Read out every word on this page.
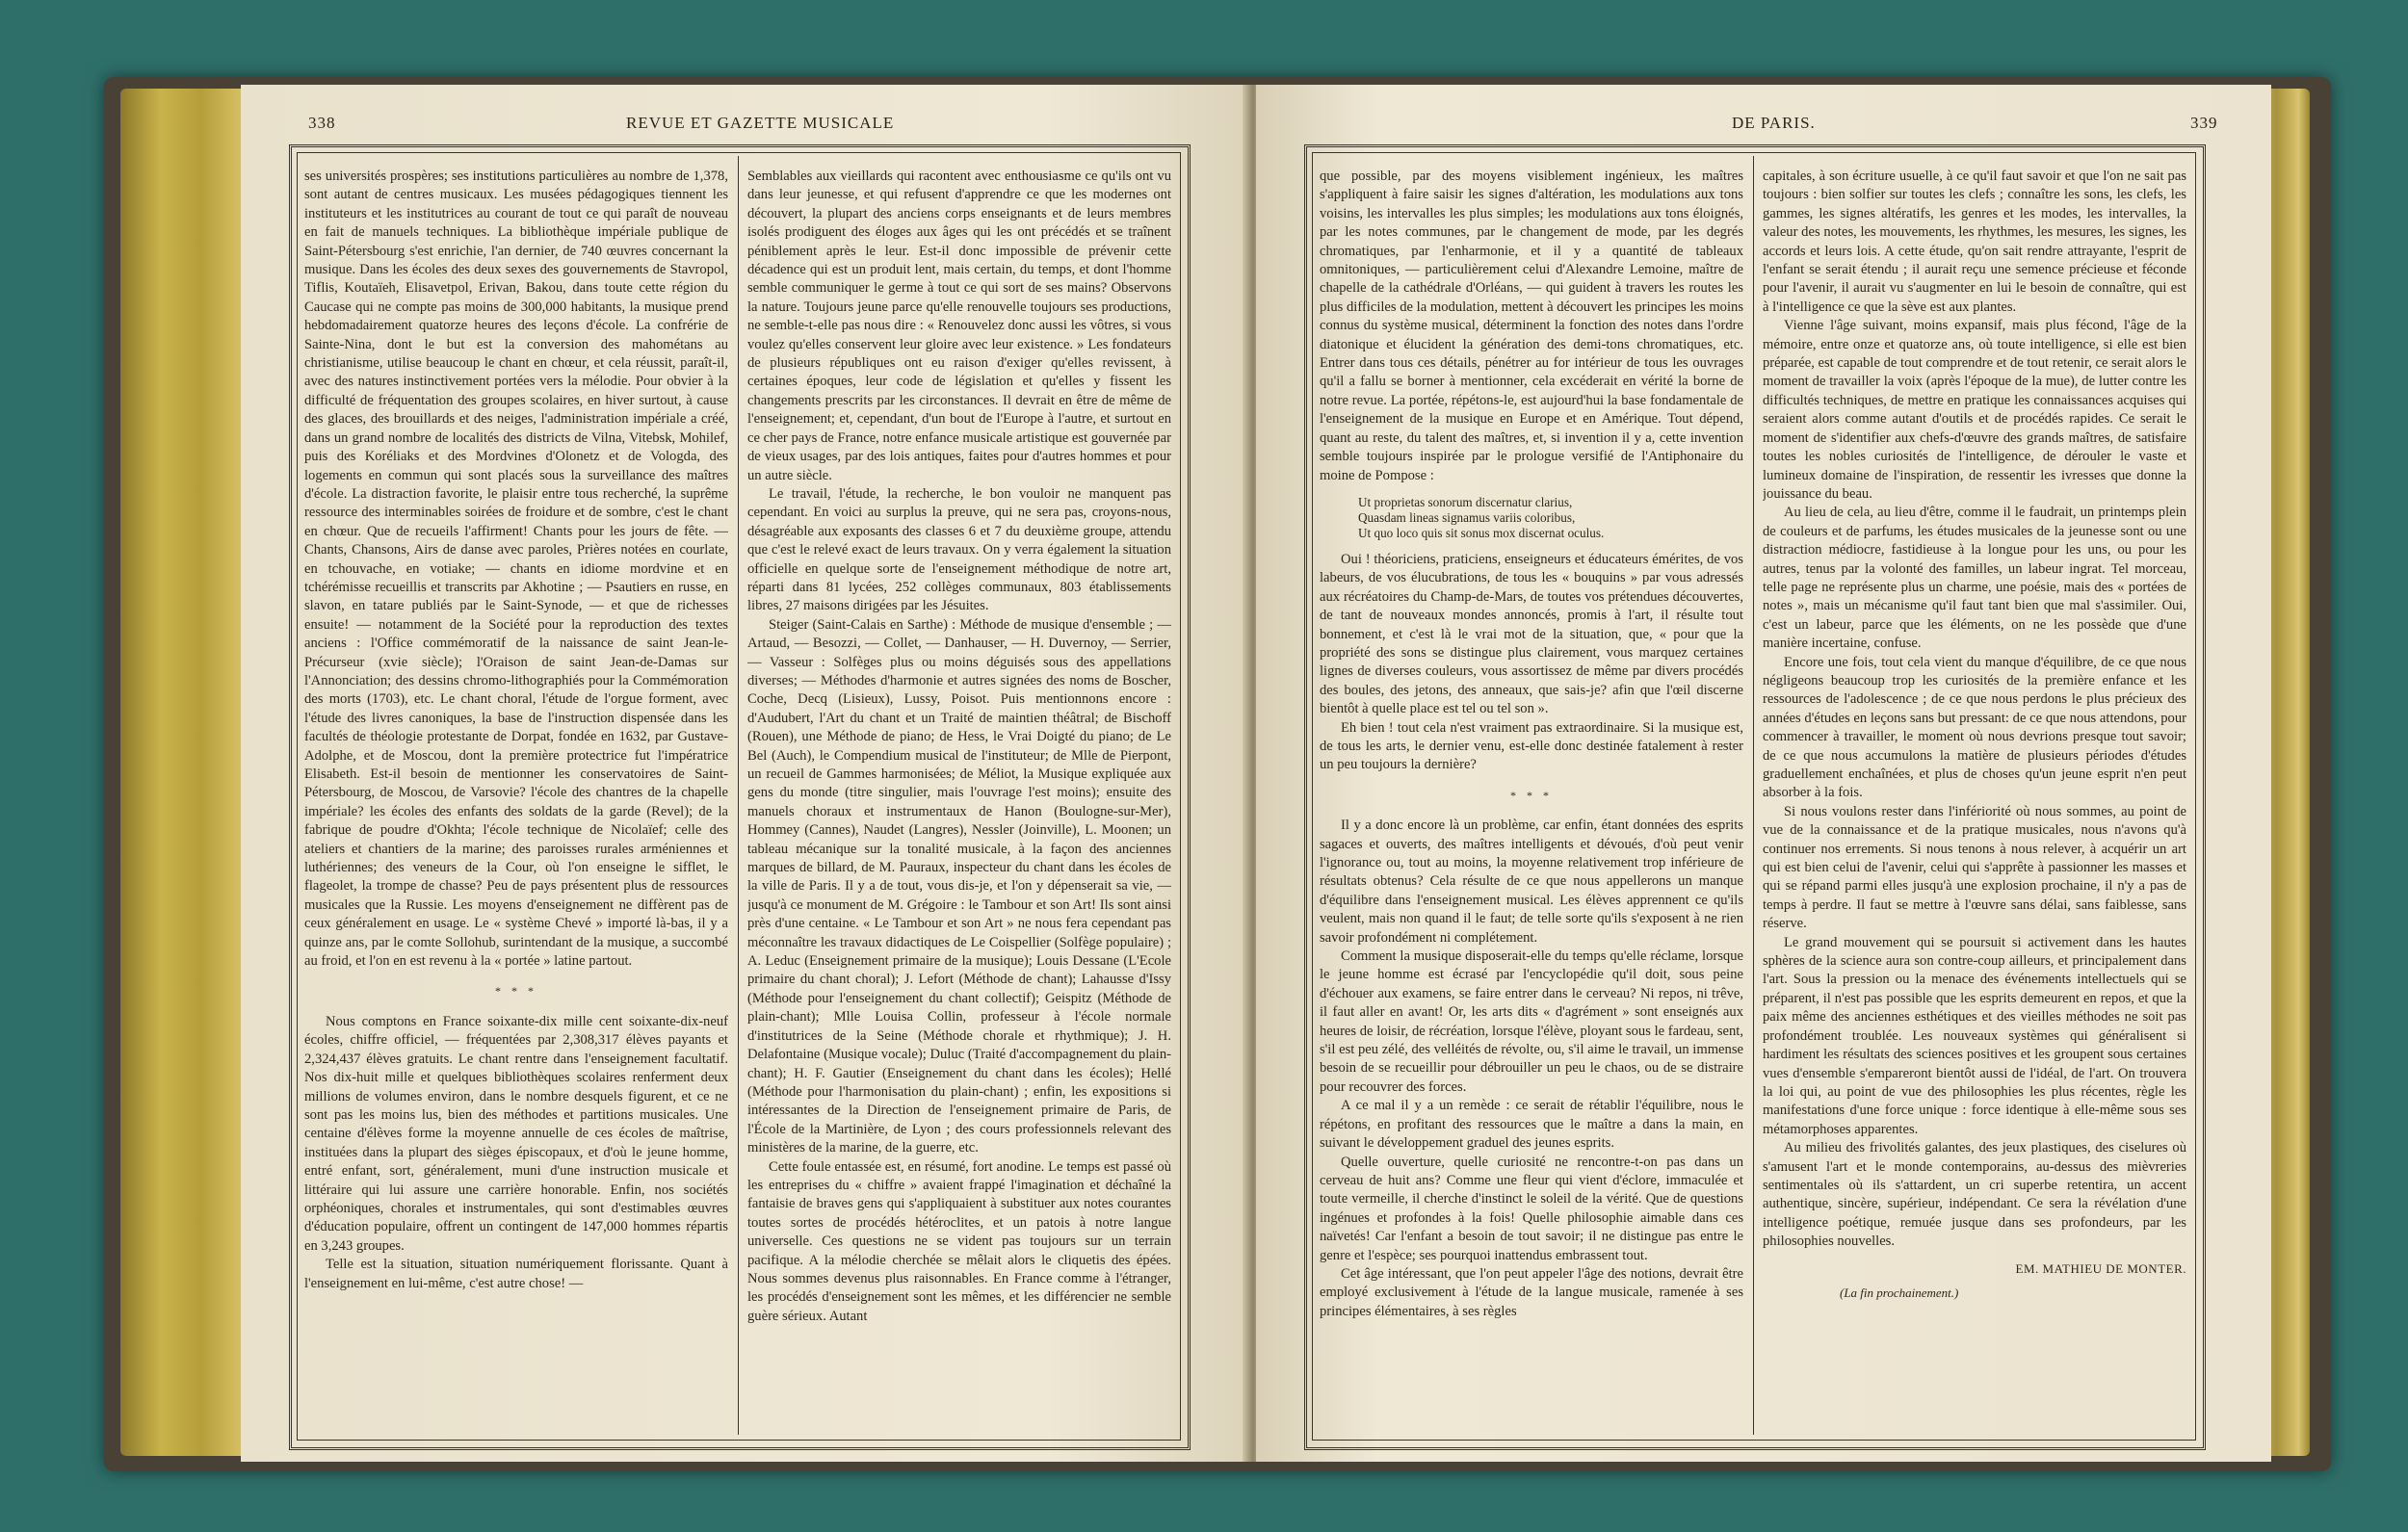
338	REVUE ET GAZETTE MUSICALE

ses universités prospères; ses institutions particulières au nombre de 1,378, sont autant de centres musicaux. Les musées pédagogiques tiennent les instituteurs et les institutrices au courant de tout ce qui paraît de nouveau en fait de manuels techniques. La bibliothèque impériale publique de Saint-Pétersbourg s'est enrichie, l'an dernier, de 740 œuvres concernant la musique. Dans les écoles des deux sexes des gouvernements de Stavropol, Tiflis, Koutaïeh, Elisavetpol, Erivan, Bakou, dans toute cette région du Caucase qui ne compte pas moins de 300,000 habitants, la musique prend hebdomadairement quatorze heures des leçons d'école. La confrérie de Sainte-Nina, dont le but est la conversion des mahométans au christianisme, utilise beaucoup le chant en chœur, et cela réussit, paraît-il, avec des natures instinctivement portées vers la mélodie. Pour obvier à la difficulté de fréquentation des groupes scolaires, en hiver surtout, à cause des glaces, des brouillards et des neiges, l'administration impériale a créé, dans un grand nombre de localités des districts de Vilna, Vitebsk, Mohilef, puis des Koréliaks et des Mordvines d'Olonetz et de Vologda, des logements en commun qui sont placés sous la surveillance des maîtres d'école. La distraction favorite, le plaisir entre tous recherché, la suprême ressource des interminables soirées de froidure et de sombre, c'est le chant en chœur. Que de recueils l'affirment! Chants pour les jours de fête. — Chants, Chansons, Airs de danse avec paroles, Prières notées en courlate, en tchouvache, en votiake; — chants en idiome mordvine et en tchérémisse recueillis et transcrits par Akhotine ; — Psautiers en russe, en slavon, en tatare publiés par le Saint-Synode, — et que de richesses ensuite! — notamment de la Société pour la reproduction des textes anciens : l'Office commémoratif de la naissance de saint Jean-le-Précurseur (xvie siècle); l'Oraison de saint Jean-de-Damas sur l'Annonciation; des dessins chromo-lithographiés pour la Commémoration des morts (1703), etc. Le chant choral, l'étude de l'orgue forment, avec l'étude des livres canoniques, la base de l'instruction dispensée dans les facultés de théologie protestante de Dorpat, fondée en 1632, par Gustave-Adolphe, et de Moscou, dont la première protectrice fut l'impératrice Elisabeth. Est-il besoin de mentionner les conservatoires de Saint-Pétersbourg, de Moscou, de Varsovie? l'école des chantres de la chapelle impériale? les écoles des enfants des soldats de la garde (Revel); de la fabrique de poudre d'Okhta; l'école technique de Nicolaïef; celle des ateliers et chantiers de la marine; des paroisses rurales arméniennes et luthériennes; des veneurs de la Cour, où l'on enseigne le sifflet, le flageolet, la trompe de chasse? Peu de pays présentent plus de ressources musicales que la Russie. Les moyens d'enseignement ne diffèrent pas de ceux généralement en usage. Le « système Chevé » importé là-bas, il y a quinze ans, par le comte Sollohub, surintendant de la musique, a succombé au froid, et l'on en est revenu à la « portée » latine partout.

* * *

Nous comptons en France soixante-dix mille cent soixante-dix-neuf écoles, chiffre officiel, — fréquentées par 2,308,317 élèves payants et 2,324,437 élèves gratuits. Le chant rentre dans l'enseignement facultatif. Nos dix-huit mille et quelques bibliothèques scolaires renferment deux millions de volumes environ, dans le nombre desquels figurent, et ce ne sont pas les moins lus, bien des méthodes et partitions musicales. Une centaine d'élèves forme la moyenne annuelle de ces écoles de maîtrise, instituées dans la plupart des sièges épiscopaux, et d'où le jeune homme, entré enfant, sort, généralement, muni d'une instruction musicale et littéraire qui lui assure une carrière honorable. Enfin, nos sociétés orphéoniques, chorales et instrumentales, qui sont d'estimables œuvres d'éducation populaire, offrent un contingent de 147,000 hommes répartis en 3,243 groupes.

Telle est la situation, situation numériquement florissante. Quant à l'enseignement en lui-même, c'est autre chose! —

Semblables aux vieillards qui racontent avec enthousiasme ce qu'ils ont vu dans leur jeunesse, et qui refusent d'apprendre ce que les modernes ont découvert, la plupart des anciens corps enseignants et de leurs membres isolés prodiguent des éloges aux âges qui les ont précédés et se traînent péniblement après le leur. Est-il donc impossible de prévenir cette décadence qui est un produit lent, mais certain, du temps, et dont l'homme semble communiquer le germe à tout ce qui sort de ses mains? Observons la nature. Toujours jeune parce qu'elle renouvelle toujours ses productions, ne semble-t-elle pas nous dire : « Renouvelez donc aussi les vôtres, si vous voulez qu'elles conservent leur gloire avec leur existence. » Les fondateurs de plusieurs républiques ont eu raison d'exiger qu'elles revissent, à certaines époques, leur code de législation et qu'elles y fissent les changements prescrits par les circonstances. Il devrait en être de même de l'enseignement; et, cependant, d'un bout de l'Europe à l'autre, et surtout en ce cher pays de France, notre enfance musicale artistique est gouvernée par de vieux usages, par des lois antiques, faites pour d'autres hommes et pour un autre siècle.

Le travail, l'étude, la recherche, le bon vouloir ne manquent pas cependant. En voici au surplus la preuve, qui ne sera pas, croyons-nous, désagréable aux exposants des classes 6 et 7 du deuxième groupe, attendu que c'est le relevé exact de leurs travaux. On y verra également la situation officielle en quelque sorte de l'enseignement méthodique de notre art, réparti dans 81 lycées, 252 collèges communaux, 803 établissements libres, 27 maisons dirigées par les Jésuites.

Steiger (Saint-Calais en Sarthe) : Méthode de musique d'ensemble ; — Artaud, — Besozzi, — Collet, — Danhauser, — H. Duvernoy, — Serrier, — Vasseur : Solfèges plus ou moins déguisés sous des appellations diverses; — Méthodes d'harmonie et autres signées des noms de Boscher, Coche, Decq (Lisieux), Lussy, Poisot. Puis mentionnons encore : d'Audubert, l'Art du chant et un Traité de maintien théâtral; de Bischoff (Rouen), une Méthode de piano; de Hess, le Vrai Doigté du piano; de Le Bel (Auch), le Compendium musical de l'instituteur; de Mlle de Pierpont, un recueil de Gammes harmonisées; de Méliot, la Musique expliquée aux gens du monde (titre singulier, mais l'ouvrage l'est moins); ensuite des manuels choraux et instrumentaux de Hanon (Boulogne-sur-Mer), Hommey (Cannes), Naudet (Langres), Nessler (Joinville), L. Moonen; un tableau mécanique sur la tonalité musicale, à la façon des anciennes marques de billard, de M. Pauraux, inspecteur du chant dans les écoles de la ville de Paris. Il y a de tout, vous dis-je, et l'on y dépenserait sa vie, — jusqu'à ce monument de M. Grégoire : le Tambour et son Art! Ils sont ainsi près d'une centaine. « Le Tambour et son Art » ne nous fera cependant pas méconnaître les travaux didactiques de Le Coispellier (Solfège populaire) ; A. Leduc (Enseignement primaire de la musique); Louis Dessane (L'Ecole primaire du chant choral); J. Lefort (Méthode de chant); Lahausse d'Issy (Méthode pour l'enseignement du chant collectif); Geispitz (Méthode de plain-chant); Mlle Louisa Collin, professeur à l'école normale d'institutrices de la Seine (Méthode chorale et rhythmique); J. H. Delafontaine (Musique vocale); Duluc (Traité d'accompagnement du plain-chant); H. F. Gautier (Enseignement du chant dans les écoles); Hellé (Méthode pour l'harmonisation du plain-chant) ; enfin, les expositions si intéressantes de la Direction de l'enseignement primaire de Paris, de l'École de la Martinière, de Lyon ; des cours professionnels relevant des ministères de la marine, de la guerre, etc.

Cette foule entassée est, en résumé, fort anodine. Le temps est passé où les entreprises du « chiffre » avaient frappé l'imagination et déchaîné la fantaisie de braves gens qui s'appliquaient à substituer aux notes courantes toutes sortes de procédés hétéroclites, et un patois à notre langue universelle. Ces questions ne se vident pas toujours sur un terrain pacifique. A la mélodie cherchée se mêlait alors le cliquetis des épées. Nous sommes devenus plus raisonnables. En France comme à l'étranger, les procédés d'enseignement sont les mêmes, et les différencier ne semble guère sérieux. Autant

DE PARIS.	339

que possible, par des moyens visiblement ingénieux, les maîtres s'appliquent à faire saisir les signes d'altération, les modulations aux tons voisins, les intervalles les plus simples; les modulations aux tons éloignés, par les notes communes, par le changement de mode, par les degrés chromatiques, par l'enharmonie, et il y a quantité de tableaux omnitoniques, — particulièrement celui d'Alexandre Lemoine, maître de chapelle de la cathédrale d'Orléans, — qui guident à travers les routes les plus difficiles de la modulation, mettent à découvert les principes les moins connus du système musical, déterminent la fonction des notes dans l'ordre diatonique et élucident la génération des demi-tons chromatiques, etc. Entrer dans tous ces détails, pénétrer au for intérieur de tous les ouvrages qu'il a fallu se borner à mentionner, cela excéderait en vérité la borne de notre revue. La portée, répétons-le, est aujourd'hui la base fondamentale de l'enseignement de la musique en Europe et en Amérique. Tout dépend, quant au reste, du talent des maîtres, et, si invention il y a, cette invention semble toujours inspirée par le prologue versifié de l'Antiphonaire du moine de Pompose :

Ut proprietas sonorum discernatur clarius,
Quasdam lineas signamus variis coloribus,
Ut quo loco quis sit sonus mox discernat oculus.

Oui ! théoriciens, praticiens, enseigneurs et éducateurs émérites, de vos labeurs, de vos élucubrations, de tous les « bouquins » par vous adressés aux récréatoires du Champ-de-Mars, de toutes vos prétendues découvertes, de tant de nouveaux mondes annoncés, promis à l'art, il résulte tout bonnement, et c'est là le vrai mot de la situation, que, « pour que la propriété des sons se distingue plus clairement, vous marquez certaines lignes de diverses couleurs, vous assortissez de même par divers procédés des boules, des jetons, des anneaux, que sais-je? afin que l'œil discerne bientôt à quelle place est tel ou tel son ».

Eh bien ! tout cela n'est vraiment pas extraordinaire. Si la musique est, de tous les arts, le dernier venu, est-elle donc destinée fatalement à rester un peu toujours la dernière?

* * *

Il y a donc encore là un problème, car enfin, étant données des esprits sagaces et ouverts, des maîtres intelligents et dévoués, d'où peut venir l'ignorance ou, tout au moins, la moyenne relativement trop inférieure de résultats obtenus? Cela résulte de ce que nous appellerons un manque d'équilibre dans l'enseignement musical. Les élèves apprennent ce qu'ils veulent, mais non quand il le faut; de telle sorte qu'ils s'exposent à ne rien savoir profondément ni complétement.

Comment la musique disposerait-elle du temps qu'elle réclame, lorsque le jeune homme est écrasé par l'encyclopédie qu'il doit, sous peine d'échouer aux examens, se faire entrer dans le cerveau? Ni repos, ni trêve, il faut aller en avant! Or, les arts dits « d'agrément » sont enseignés aux heures de loisir, de récréation, lorsque l'élève, ployant sous le fardeau, sent, s'il est peu zélé, des velléités de révolte, ou, s'il aime le travail, un immense besoin de se recueillir pour débrouiller un peu le chaos, ou de se distraire pour recouvrer des forces.

A ce mal il y a un remède : ce serait de rétablir l'équilibre, nous le répétons, en profitant des ressources que le maître a dans la main, en suivant le développement graduel des jeunes esprits.

Quelle ouverture, quelle curiosité ne rencontre-t-on pas dans un cerveau de huit ans? Comme une fleur qui vient d'éclore, immaculée et toute vermeille, il cherche d'instinct le soleil de la vérité. Que de questions ingénues et profondes à la fois! Quelle philosophie aimable dans ces naïvetés! Car l'enfant a besoin de tout savoir; il ne distingue pas entre le genre et l'espèce; ses pourquoi inattendus embrassent tout.

Cet âge intéressant, que l'on peut appeler l'âge des notions, devrait être employé exclusivement à l'étude de la langue musicale, ramenée à ses principes élémentaires, à ses règles

capitales, à son écriture usuelle, à ce qu'il faut savoir et que l'on ne sait pas toujours : bien solfier sur toutes les clefs ; connaître les sons, les clefs, les gammes, les signes altératifs, les genres et les modes, les intervalles, la valeur des notes, les mouvements, les rhythmes, les mesures, les signes, les accords et leurs lois. A cette étude, qu'on sait rendre attrayante, l'esprit de l'enfant se serait étendu ; il aurait reçu une semence précieuse et féconde pour l'avenir, il aurait vu s'augmenter en lui le besoin de connaître, qui est à l'intelligence ce que la sève est aux plantes.

Vienne l'âge suivant, moins expansif, mais plus fécond, l'âge de la mémoire, entre onze et quatorze ans, où toute intelligence, si elle est bien préparée, est capable de tout comprendre et de tout retenir, ce serait alors le moment de travailler la voix (après l'époque de la mue), de lutter contre les difficultés techniques, de mettre en pratique les connaissances acquises qui seraient alors comme autant d'outils et de procédés rapides. Ce serait le moment de s'identifier aux chefs-d'œuvre des grands maîtres, de satisfaire toutes les nobles curiosités de l'intelligence, de dérouler le vaste et lumineux domaine de l'inspiration, de ressentir les ivresses que donne la jouissance du beau.

Au lieu de cela, au lieu d'être, comme il le faudrait, un printemps plein de couleurs et de parfums, les études musicales de la jeunesse sont ou une distraction médiocre, fastidieuse à la longue pour les uns, ou pour les autres, tenus par la volonté des familles, un labeur ingrat. Tel morceau, telle page ne représente plus un charme, une poésie, mais des « portées de notes », mais un mécanisme qu'il faut tant bien que mal s'assimiler. Oui, c'est un labeur, parce que les éléments, on ne les possède que d'une manière incertaine, confuse.

Encore une fois, tout cela vient du manque d'équilibre, de ce que nous négligeons beaucoup trop les curiosités de la première enfance et les ressources de l'adolescence ; de ce que nous perdons le plus précieux des années d'études en leçons sans but pressant: de ce que nous attendons, pour commencer à travailler, le moment où nous devrions presque tout savoir; de ce que nous accumulons la matière de plusieurs périodes d'études graduellement enchaînées, et plus de choses qu'un jeune esprit n'en peut absorber à la fois.

Si nous voulons rester dans l'infériorité où nous sommes, au point de vue de la connaissance et de la pratique musicales, nous n'avons qu'à continuer nos errements. Si nous tenons à nous relever, à acquérir un art qui est bien celui de l'avenir, celui qui s'apprête à passionner les masses et qui se répand parmi elles jusqu'à une explosion prochaine, il n'y a pas de temps à perdre. Il faut se mettre à l'œuvre sans délai, sans faiblesse, sans réserve.

Le grand mouvement qui se poursuit si activement dans les hautes sphères de la science aura son contre-coup ailleurs, et principalement dans l'art. Sous la pression ou la menace des événements intellectuels qui se préparent, il n'est pas possible que les esprits demeurent en repos, et que la paix même des anciennes esthétiques et des vieilles méthodes ne soit pas profondément troublée. Les nouveaux systèmes qui généralisent si hardiment les résultats des sciences positives et les groupent sous certaines vues d'ensemble s'empareront bientôt aussi de l'idéal, de l'art. On trouvera la loi qui, au point de vue des philosophies les plus récentes, règle les manifestations d'une force unique : force identique à elle-même sous ses métamorphoses apparentes.

Au milieu des frivolités galantes, des jeux plastiques, des ciselures où s'amusent l'art et le monde contemporains, au-dessus des mièvreries sentimentales où ils s'attardent, un cri superbe retentira, un accent authentique, sincère, supérieur, indépendant. Ce sera la révélation d'une intelligence poétique, remuée jusque dans ses profondeurs, par les philosophies nouvelles.

EM. MATHIEU DE MONTER.
(La fin prochainement.)
